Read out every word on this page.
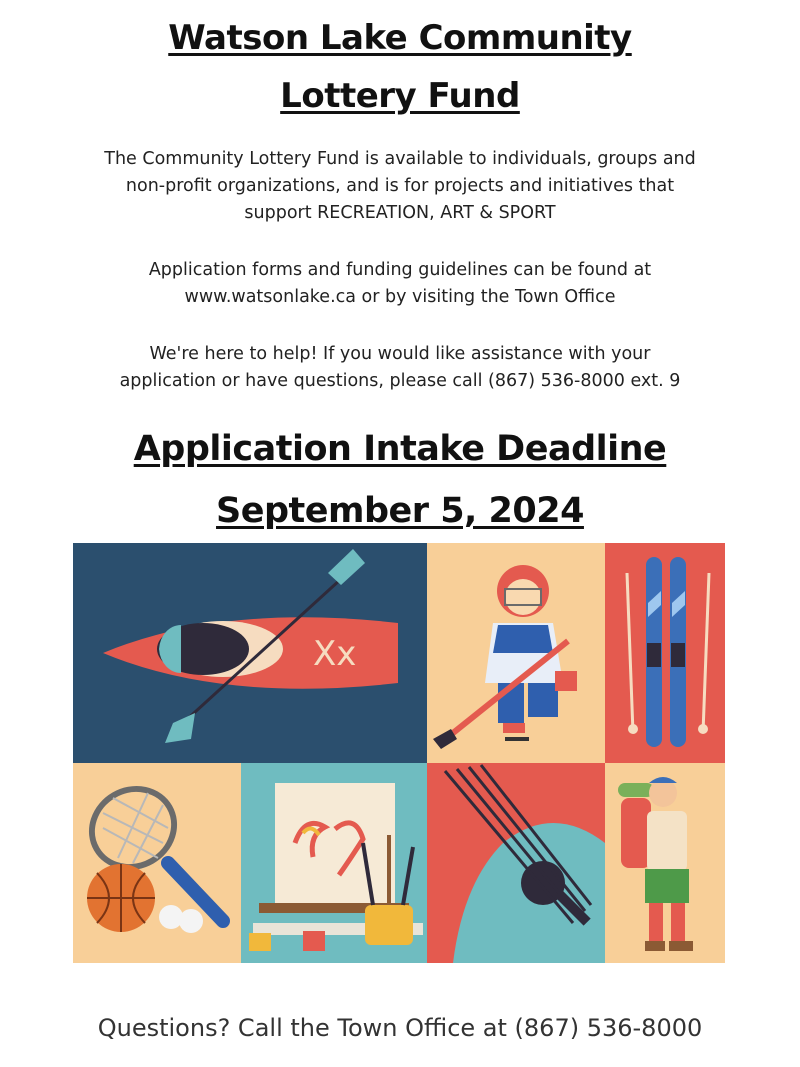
Watson Lake Community
Lottery Fund
The Community Lottery Fund is available to individuals, groups and
non-profit organizations, and is for projects and initiatives that
support RECREATION, ART & SPORT
Application forms and funding guidelines can be found at
www.watsonlake.ca or by visiting the Town Office
We're here to help! If you would like assistance with your
application or have questions, please call (867) 536-8000 ext. 9
Application Intake Deadline
September 5, 2024
Xx
Questions? Call the Town Office at (867) 536-8000
